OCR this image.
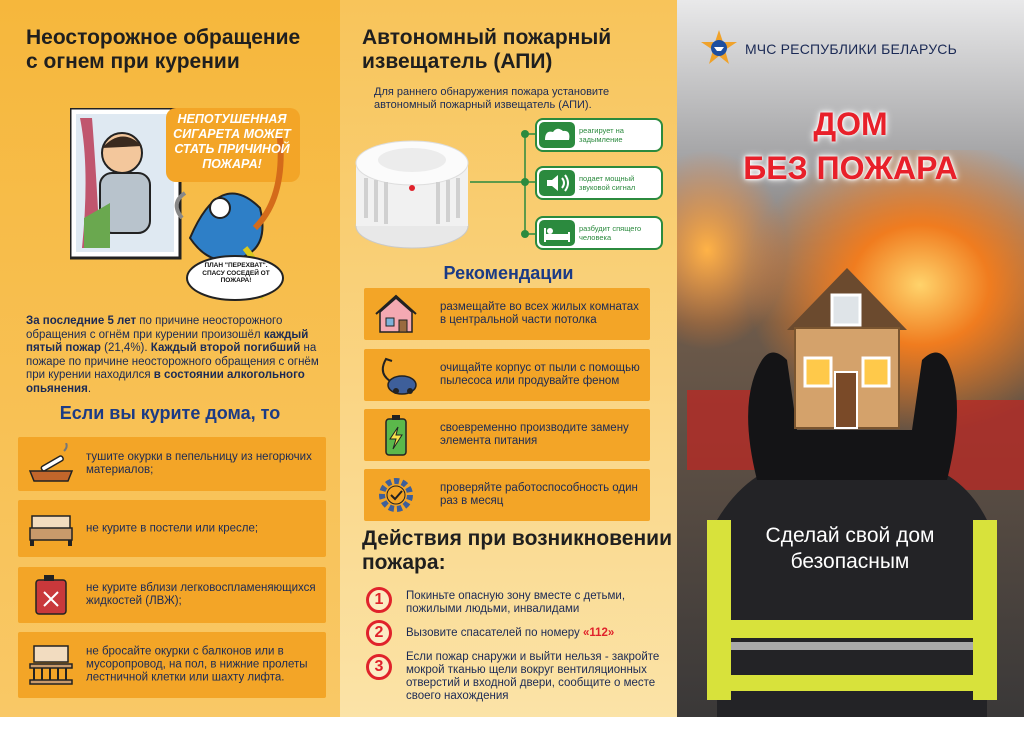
Неосторожное обращение с огнем при курении
НЕПОТУШЕННАЯ СИГАРЕТА МОЖЕТ СТАТЬ ПРИЧИНОЙ ПОЖАРА!
ПЛАН "ПЕРЕХВАТ". СПАСУ СОСЕДЕЙ ОТ ПОЖАРА!
За последние 5 лет по причине неосторожного обращения с огнём при курении произошёл каждый пятый пожар (21,4%). Каждый второй погибший на пожаре по причине неосторожного обращения с огнём при курении находился в состоянии алкогольного опьянения.
Если вы курите дома, то
тушите окурки в пепельницу из негорючих материалов;
не курите в постели или кресле;
не курите вблизи легковоспламеняющихся жидкостей (ЛВЖ);
не бросайте окурки с балконов или в мусоропровод, на пол, в нижние пролеты лестничной клетки или шахту лифта.
Автономный пожарный извещатель (АПИ)
Для раннего обнаружения пожара установите автономный пожарный извещатель (АПИ).
реагирует на задымление
подает мощный звуковой сигнал
разбудит спящего человека
Рекомендации
размещайте во всех жилых комнатах в центральной части потолка
очищайте корпус от пыли с помощью пылесоса или продувайте феном
своевременно производите замену элемента питания
проверяйте работоспособность один раз в месяц
Действия при возникновении пожара:
1	Покиньте опасную зону вместе с детьми, пожилыми людьми, инвалидами
2	Вызовите спасателей по номеру «112»
3
Если пожар снаружи и выйти нельзя - закройте мокрой тканью щели вокруг вентиляционных отверстий и входной двери, сообщите о месте своего нахождения
МЧС РЕСПУБЛИКИ БЕЛАРУСЬ
ДОМ
БЕЗ ПОЖАРА
Сделай свой дом безопасным
